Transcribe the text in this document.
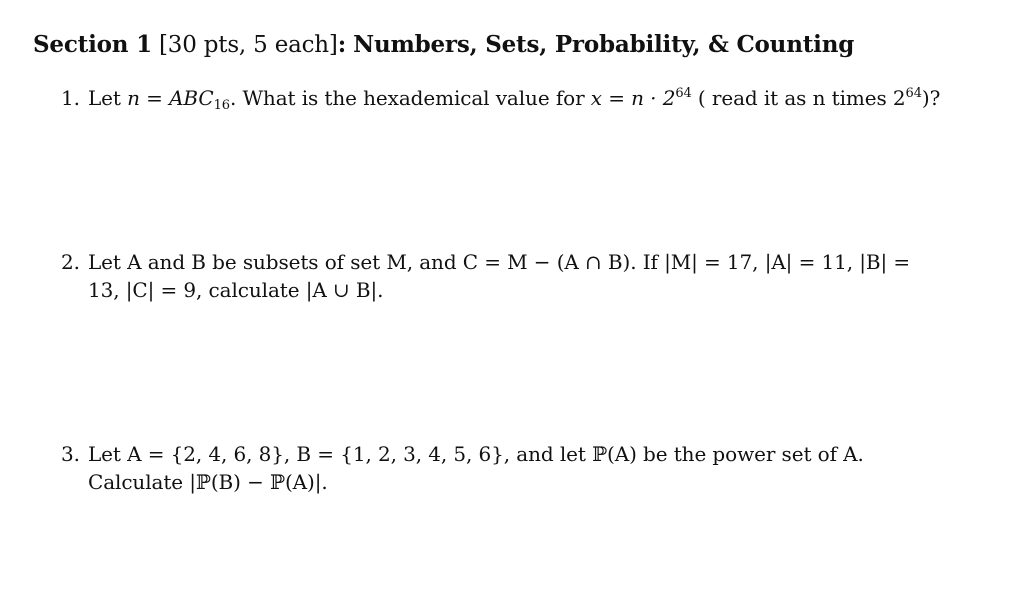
Section 1 [30 pts, 5 each]: Numbers, Sets, Probability, & Counting
1. Let $n = ABC_{16}$. What is the hexademical value for $x = n \cdot 2^{64}$ ( read it as n times $2^{64}$)?
2. Let A and B be subsets of set M, and C = M − (A ∩ B). If |M| = 17, |A| = 11, |B| =
13, |C| = 9, calculate |A ∪ B|.
3. Let A = {2, 4, 6, 8}, B = {1, 2, 3, 4, 5, 6}, and let ℙ(A) be the power set of A.
Calculate |ℙ(B) − ℙ(A)|.
